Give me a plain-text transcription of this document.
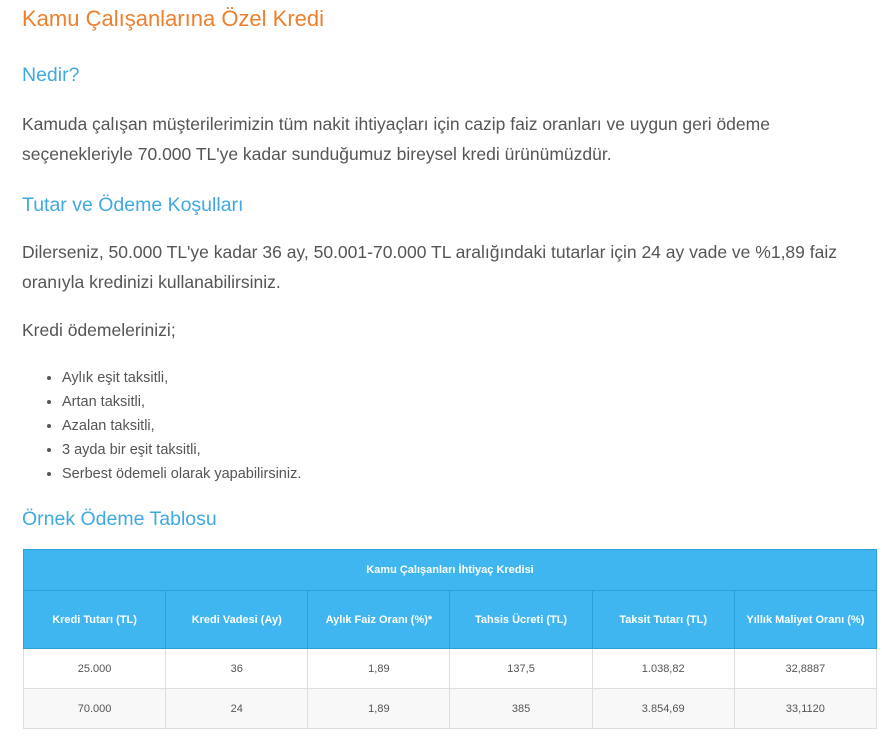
Kamu Çalışanlarına Özel Kredi
Nedir?

Kamuda çalışan müşterilerimizin tüm nakit ihtiyaçları için cazip faiz oranları ve uygun geri ödeme seçenekleriyle 70.000 TL'ye kadar sunduğumuz bireysel kredi ürünümüzdür.

Tutar ve Ödeme Koşulları

Dilerseniz, 50.000 TL'ye kadar 36 ay, 50.001-70.000 TL aralığındaki tutarlar için 24 ay vade ve %1,89 faiz oranıyla kredinizi kullanabilirsiniz.

Kredi ödemelerinizi;

• Aylık eşit taksitli,
• Artan taksitli,
• Azalan taksitli,
• 3 ayda bir eşit taksitli,
• Serbest ödemeli olarak yapabilirsiniz.
Örnek Ödeme Tablosu
Kamu Çalışanları İhtiyaç Kredisi					
Kredi Tutarı (TL)	Kredi Vadesi (Ay)	Aylık Faiz Oranı (%)*	Tahsis Ücreti (TL)	Taksit Tutarı (TL)	Yıllık Maliyet Oranı (%)
25.000	36	1,89	137,5	1.038,82	32,8887
70.000	24	1,89	385	3.854,69	33,1120
